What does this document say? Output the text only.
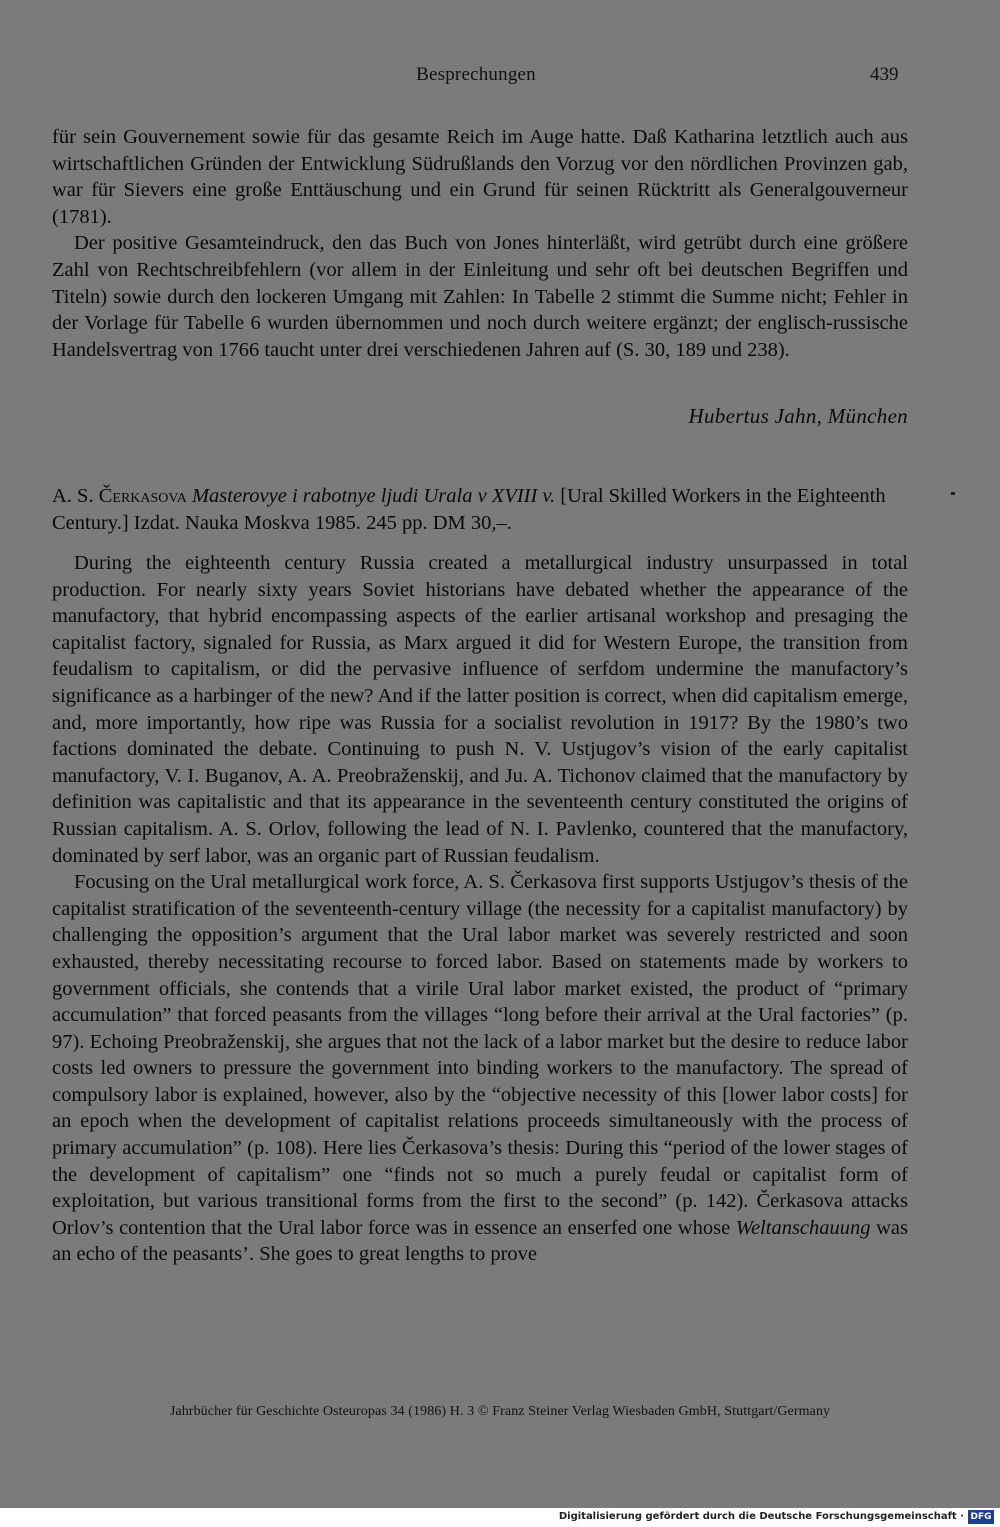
Besprechungen	439

für sein Gouvernement sowie für das gesamte Reich im Auge hatte. Daß Katharina letztlich auch aus wirtschaftlichen Gründen der Entwicklung Südrußlands den Vorzug vor den nördlichen Provinzen gab, war für Sievers eine große Enttäuschung und ein Grund für seinen Rücktritt als Generalgouverneur (1781).

Der positive Gesamteindruck, den das Buch von Jones hinterläßt, wird getrübt durch eine größere Zahl von Rechtschreibfehlern (vor allem in der Einleitung und sehr oft bei deutschen Begriffen und Titeln) sowie durch den lockeren Umgang mit Zahlen: In Tabelle 2 stimmt die Summe nicht; Fehler in der Vorlage für Tabelle 6 wurden übernommen und noch durch weitere ergänzt; der englisch-russische Handelsvertrag von 1766 taucht unter drei verschiedenen Jahren auf (S. 30, 189 und 238).

Hubertus Jahn, München
A. S. Čerkasova Masterovye i rabotnye ljudi Urala v XVIII v. [Ural Skilled Workers in the Eighteenth Century.] Izdat. Nauka Moskva 1985. 245 pp. DM 30,–.

During the eighteenth century Russia created a metallurgical industry unsurpassed in total production. For nearly sixty years Soviet historians have debated whether the appearance of the manufactory, that hybrid encompassing aspects of the earlier artisanal workshop and presaging the capitalist factory, signaled for Russia, as Marx argued it did for Western Europe, the transition from feudalism to capitalism, or did the pervasive influence of serfdom undermine the manufactory’s significance as a harbinger of the new? And if the latter position is correct, when did capitalism emerge, and, more importantly, how ripe was Russia for a socialist revolution in 1917? By the 1980’s two factions dominated the debate. Continuing to push N. V. Ustjugov’s vision of the early capitalist manufactory, V. I. Buganov, A. A. Preobraženskij, and Ju. A. Tichonov claimed that the manufactory by definition was capitalistic and that its appearance in the seventeenth century constituted the origins of Russian capitalism. A. S. Orlov, following the lead of N. I. Pavlenko, countered that the manufactory, dominated by serf labor, was an organic part of Russian feudalism.

Focusing on the Ural metallurgical work force, A. S. Čerkasova first supports Ustjugov’s thesis of the capitalist stratification of the seventeenth-century village (the necessity for a capitalist manufactory) by challenging the opposition’s argument that the Ural labor market was severely restricted and soon exhausted, thereby necessitating recourse to forced labor. Based on statements made by workers to government officials, she contends that a virile Ural labor market existed, the product of “primary accumulation” that forced peasants from the villages “long before their arrival at the Ural factories” (p. 97). Echoing Preobraženskij, she argues that not the lack of a labor market but the desire to reduce labor costs led owners to pressure the government into binding workers to the manufactory. The spread of compulsory labor is explained, however, also by the “objective necessity of this [lower labor costs] for an epoch when the development of capitalist relations proceeds simultaneously with the process of primary accumulation” (p. 108). Here lies Čerkasova’s thesis: During this “period of the lower stages of the development of capitalism” one “finds not so much a purely feudal or capitalist form of exploitation, but various transitional forms from the first to the second” (p. 142). Čerkasova attacks Orlov’s contention that the Ural labor force was in essence an enserfed one whose Weltanschauung was an echo of the peasants’. She goes to great lengths to prove

Jahrbücher für Geschichte Osteuropas 34 (1986) H. 3 © Franz Steiner Verlag Wiesbaden GmbH, Stuttgart/Germany
Digitalisierung gefördert durch die Deutsche Forschungsgemeinschaft · DFG
